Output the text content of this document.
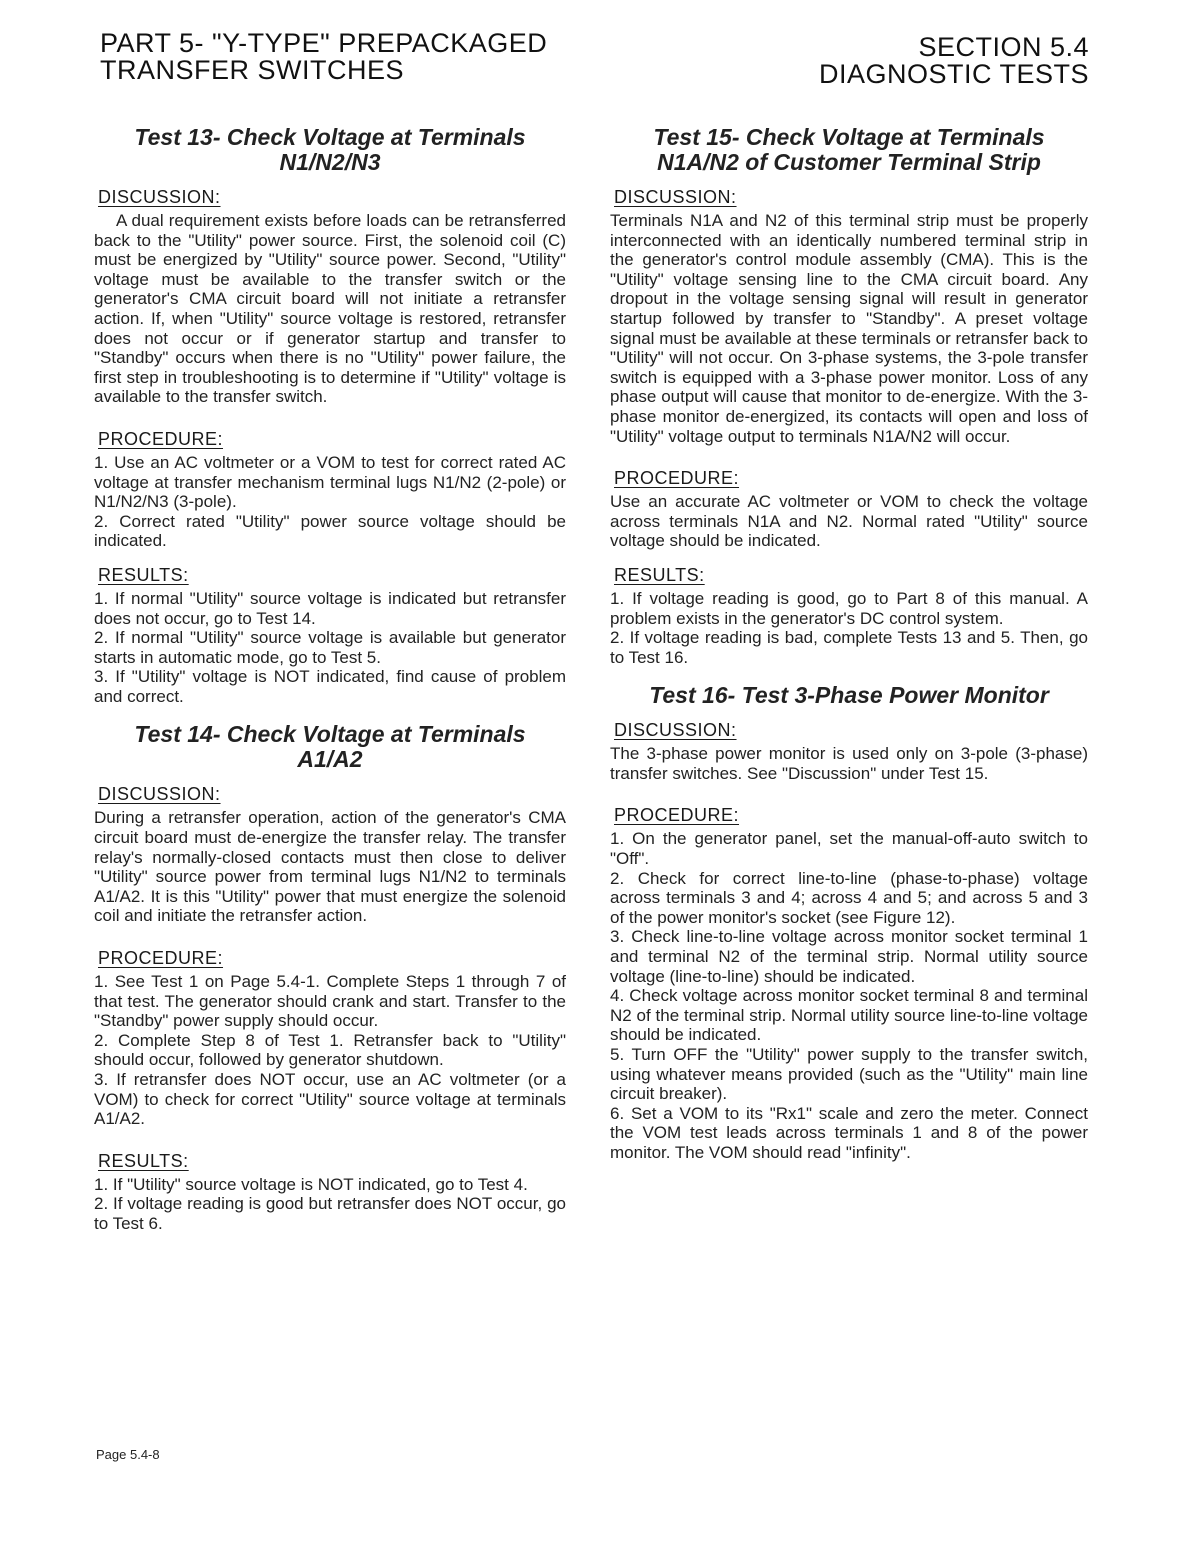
PART 5- "Y-TYPE" PREPACKAGED
TRANSFER SWITCHES
SECTION 5.4
DIAGNOSTIC TESTS
Test 13- Check Voltage at Terminals
N1/N2/N3
DISCUSSION:

A dual requirement exists before loads can be retransferred back to the "Utility" power source. First, the solenoid coil (C) must be energized by "Utility" source power. Second, "Utility" voltage must be available to the transfer switch or the generator's CMA circuit board will not initiate a retransfer action. If, when "Utility" source voltage is restored, retransfer does not occur or if generator startup and transfer to "Standby" occurs when there is no "Utility" power failure, the first step in troubleshooting is to determine if "Utility" voltage is available to the transfer switch.

PROCEDURE:

1. Use an AC voltmeter or a VOM to test for correct rated AC voltage at transfer mechanism terminal lugs N1/N2 (2-pole) or N1/N2/N3 (3-pole).

2. Correct rated "Utility" power source voltage should be indicated.

RESULTS:

1. If normal "Utility" source voltage is indicated but retransfer does not occur, go to Test 14.

2. If normal "Utility" source voltage is available but generator starts in automatic mode, go to Test 5.

3. If "Utility" voltage is NOT indicated, find cause of problem and correct.

Test 14- Check Voltage at Terminals
A1/A2
DISCUSSION:

During a retransfer operation, action of the generator's CMA circuit board must de-energize the transfer relay. The transfer relay's normally-closed contacts must then close to deliver "Utility" source power from terminal lugs N1/N2 to terminals A1/A2. It is this "Utility" power that must energize the solenoid coil and initiate the retransfer action.

PROCEDURE:

1. See Test 1 on Page 5.4-1. Complete Steps 1 through 7 of that test. The generator should crank and start. Transfer to the "Standby" power supply should occur.

2. Complete Step 8 of Test 1. Retransfer back to "Utility" should occur, followed by generator shutdown.

3. If retransfer does NOT occur, use an AC voltmeter (or a VOM) to check for correct "Utility" source voltage at terminals A1/A2.

RESULTS:

1. If "Utility" source voltage is NOT indicated, go to Test 4.

2. If voltage reading is good but retransfer does NOT occur, go to Test 6.

Test 15- Check Voltage at Terminals
N1A/N2 of Customer Terminal Strip
DISCUSSION:

Terminals N1A and N2 of this terminal strip must be properly interconnected with an identically numbered terminal strip in the generator's control module assembly (CMA). This is the "Utility" voltage sensing line to the CMA circuit board. Any dropout in the voltage sensing signal will result in generator startup followed by transfer to "Standby". A preset voltage signal must be available at these terminals or retransfer back to "Utility" will not occur. On 3-phase systems, the 3-pole transfer switch is equipped with a 3-phase power monitor. Loss of any phase output will cause that monitor to de-energize. With the 3-phase monitor de-energized, its contacts will open and loss of "Utility" voltage output to terminals N1A/N2 will occur.

PROCEDURE:

Use an accurate AC voltmeter or VOM to check the voltage across terminals N1A and N2. Normal rated "Utility" source voltage should be indicated.

RESULTS:

1. If voltage reading is good, go to Part 8 of this manual. A problem exists in the generator's DC control system.

2. If voltage reading is bad, complete Tests 13 and 5. Then, go to Test 16.

Test 16- Test 3-Phase Power Monitor
DISCUSSION:

The 3-phase power monitor is used only on 3-pole (3-phase) transfer switches. See "Discussion" under Test 15.

PROCEDURE:

1. On the generator panel, set the manual-off-auto switch to "Off".

2. Check for correct line-to-line (phase-to-phase) voltage across terminals 3 and 4; across 4 and 5; and across 5 and 3 of the power monitor's socket (see Figure 12).

3. Check line-to-line voltage across monitor socket terminal 1 and terminal N2 of the terminal strip. Normal utility source voltage (line-to-line) should be indicated.

4. Check voltage across monitor socket terminal 8 and terminal N2 of the terminal strip. Normal utility source line-to-line voltage should be indicated.

5. Turn OFF the "Utility" power supply to the transfer switch, using whatever means provided (such as the "Utility" main line circuit breaker).

6. Set a VOM to its "Rx1" scale and zero the meter. Connect the VOM test leads across terminals 1 and 8 of the power monitor. The VOM should read "infinity".

Page 5.4-8
